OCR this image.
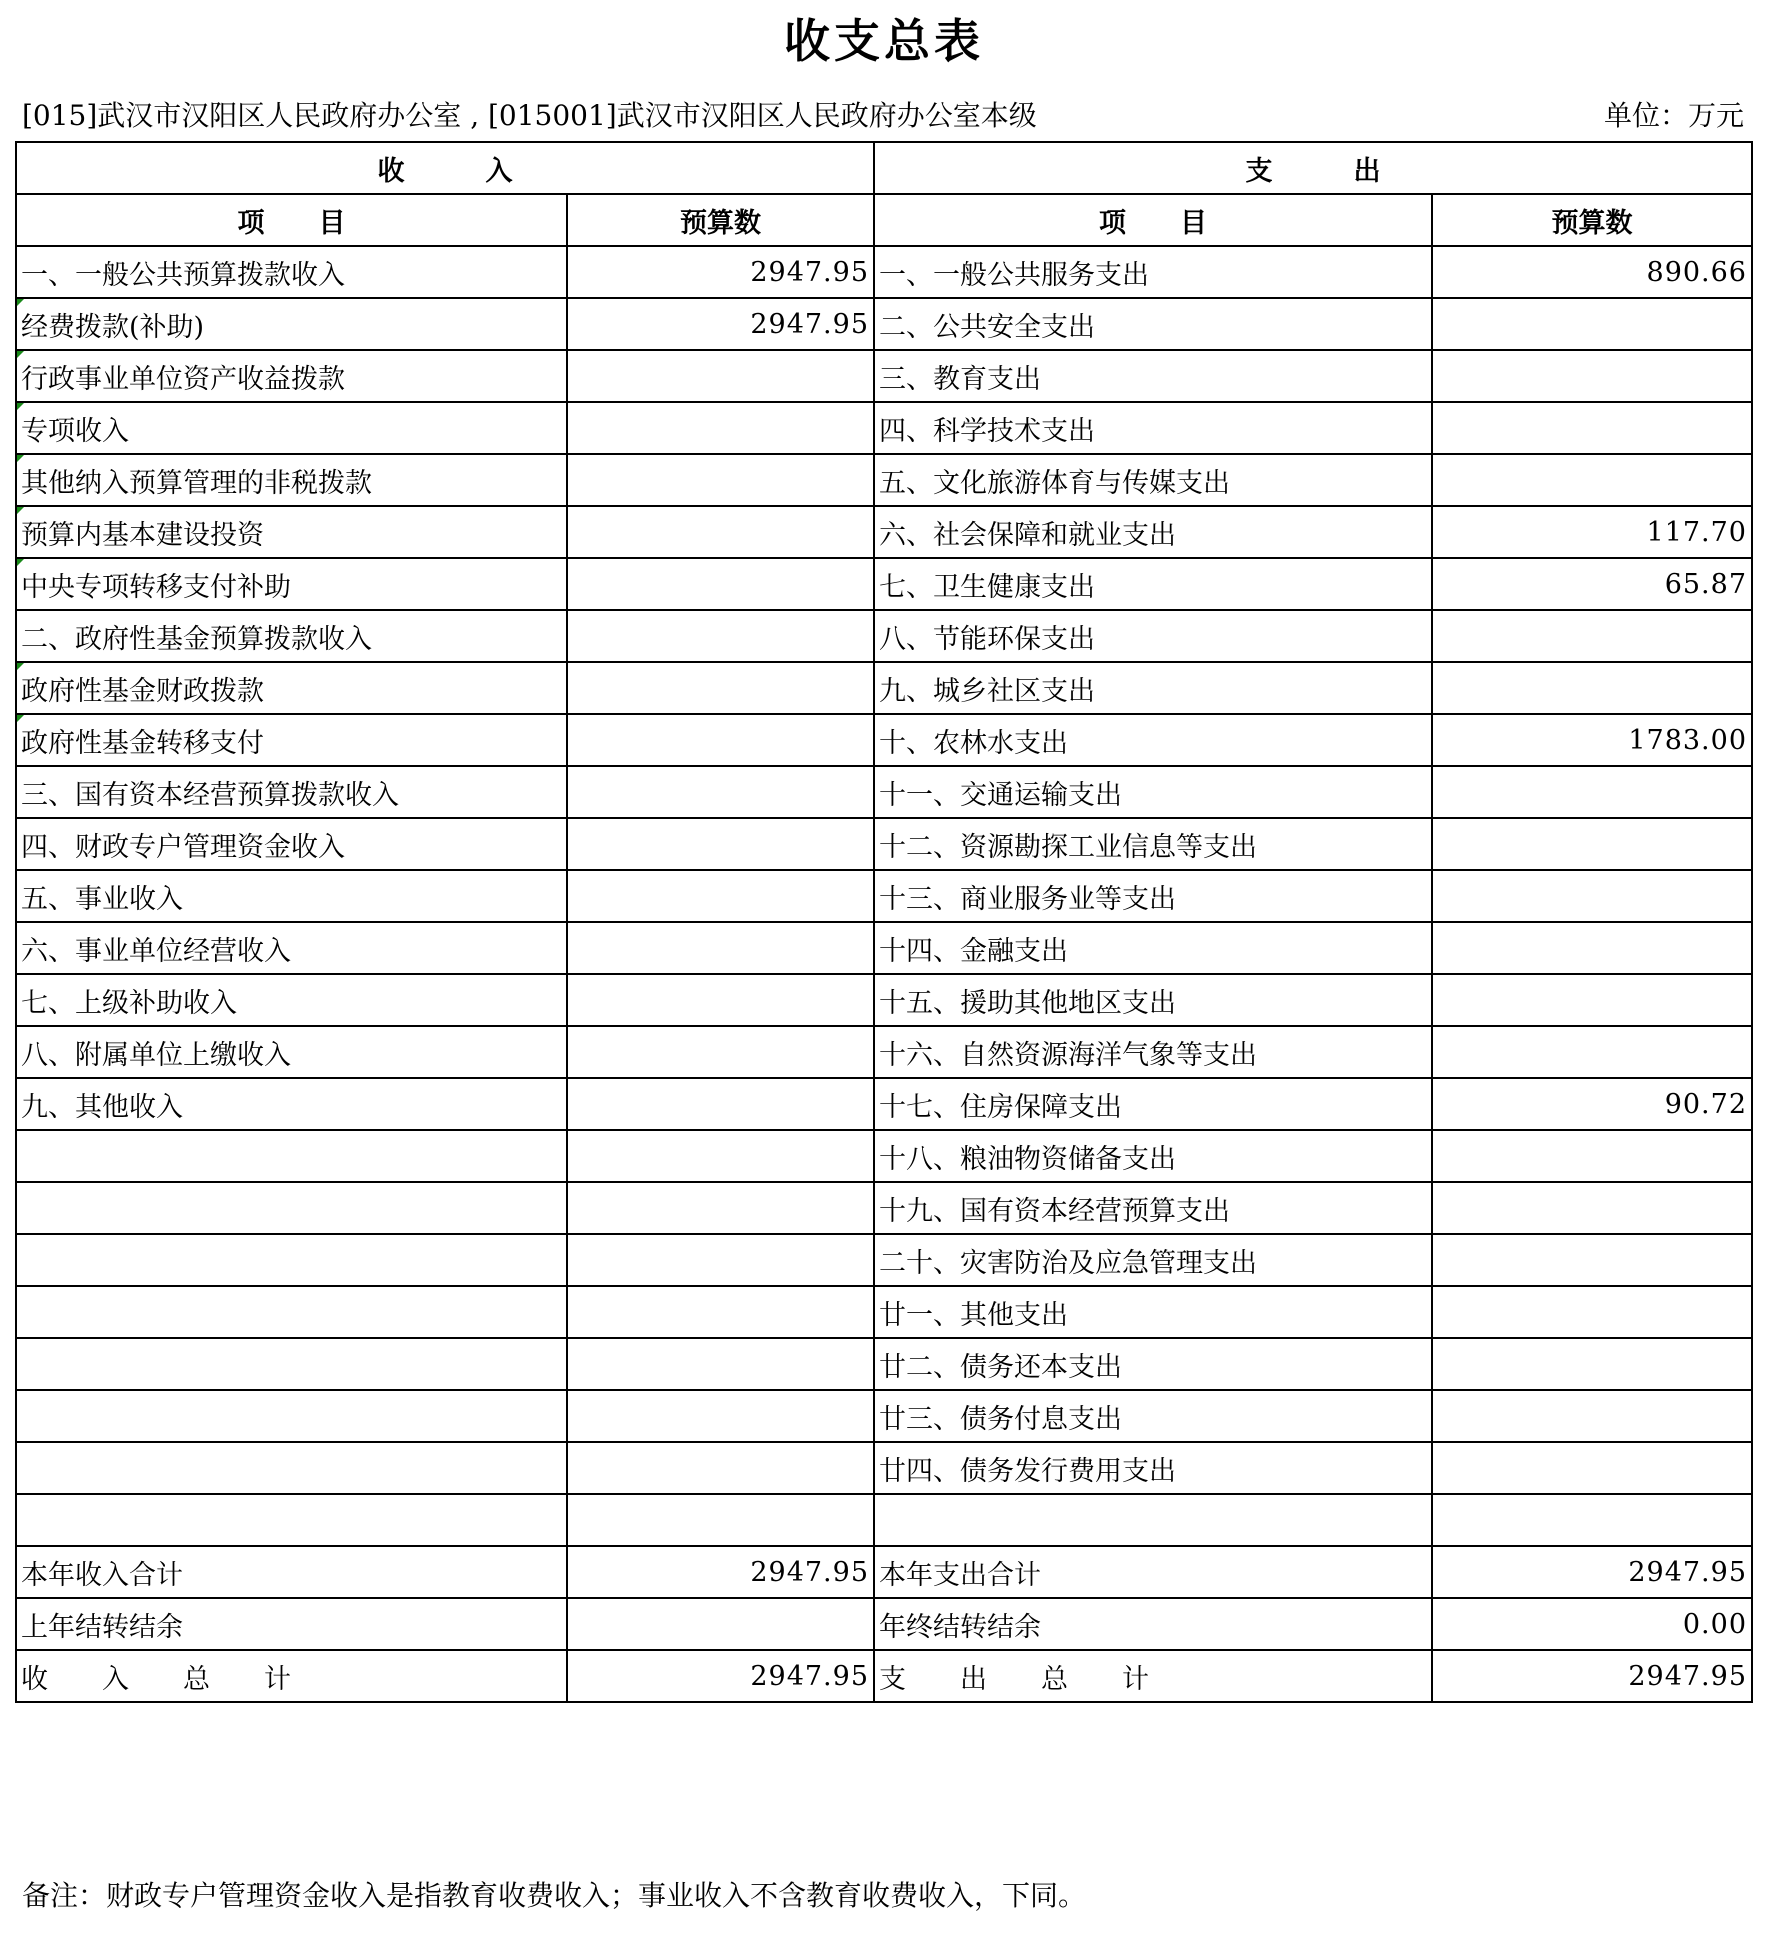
收支总表
[015]武汉市汉阳区人民政府办公室 , [015001]武汉市汉阳区人民政府办公室本级	单位：万元
收　　　入		支　　　出	
项　　目	预算数	项　　目	预算数
一、一般公共预算拨款收入	2947.95	一、一般公共服务支出	890.66
经费拨款(补助)	2947.95	二、公共安全支出	
行政事业单位资产收益拨款		三、教育支出	
专项收入		四、科学技术支出	
其他纳入预算管理的非税拨款		五、文化旅游体育与传媒支出	
预算内基本建设投资		六、社会保障和就业支出	117.70
中央专项转移支付补助		七、卫生健康支出	65.87
二、政府性基金预算拨款收入		八、节能环保支出	
政府性基金财政拨款		九、城乡社区支出	
政府性基金转移支付		十、农林水支出	1783.00
三、国有资本经营预算拨款收入		十一、交通运输支出	
四、财政专户管理资金收入		十二、资源勘探工业信息等支出	
五、事业收入		十三、商业服务业等支出	
六、事业单位经营收入		十四、金融支出	
七、上级补助收入		十五、援助其他地区支出	
八、附属单位上缴收入		十六、自然资源海洋气象等支出	
九、其他收入		十七、住房保障支出	90.72
		十八、粮油物资储备支出	
		十九、国有资本经营预算支出	
		二十、灾害防治及应急管理支出	
		廿一、其他支出	
		廿二、债务还本支出	
		廿三、债务付息支出	
		廿四、债务发行费用支出	

本年收入合计	2947.95	本年支出合计	2947.95
上年结转结余		年终结转结余	0.00
收　　入　　总　　计	2947.95	支　　出　　总　　计	2947.95
备注：财政专户管理资金收入是指教育收费收入；事业收入不含教育收费收入，下同。
